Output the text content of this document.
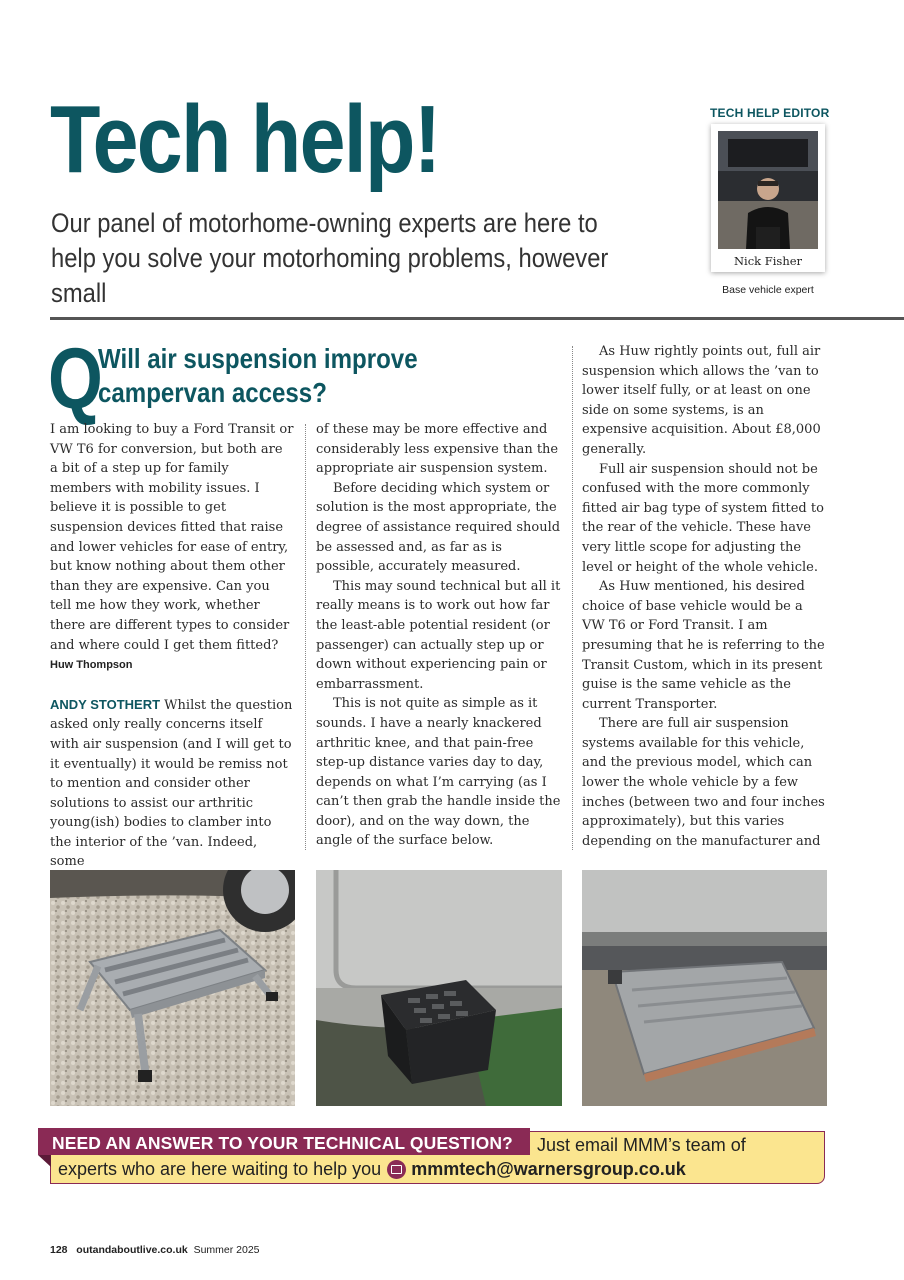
Tech help!
Our panel of motorhome-owning experts are here to help you solve your motorhoming problems, however small
TECH HELP EDITOR
Nick Fisher
Base vehicle expert
Q
Will air suspension improve campervan access?

I am looking to buy a Ford Transit or VW T6 for conversion, but both are a bit of a step up for family members with mobility issues. I believe it is possible to get suspension devices fitted that raise and lower vehicles for ease of entry, but know nothing about them other than they are expensive. Can you tell me how they work, whether there are different types to consider and where could I get them fitted?

Huw Thompson

ANDY STOTHERT Whilst the question asked only really concerns itself with air suspension (and I will get to it eventually) it would be remiss not to mention and consider other solutions to assist our arthritic young(ish) bodies to clamber into the interior of the ’van. Indeed, some

of these may be more effective and considerably less expensive than the appropriate air suspension system.

Before deciding which system or solution is the most appropriate, the degree of assistance required should be assessed and, as far as is possible, accurately measured.

This may sound technical but all it really means is to work out how far the least-able potential resident (or passenger) can actually step up or down without experiencing pain or embarrassment.

This is not quite as simple as it sounds. I have a nearly knackered arthritic knee, and that pain-free step-up distance varies day to day, depends on what I’m carrying (as I can’t then grab the handle inside the door), and on the way down, the angle of the surface below.

As Huw rightly points out, full air suspension which allows the ’van to lower itself fully, or at least on one side on some systems, is an expensive acquisition. About £8,000 generally.

Full air suspension should not be confused with the more commonly fitted air bag type of system fitted to the rear of the vehicle. These have very little scope for adjusting the level or height of the whole vehicle.

As Huw mentioned, his desired choice of base vehicle would be a VW T6 or Ford Transit. I am presuming that he is referring to the Transit Custom, which in its present guise is the same vehicle as the current Transporter.

There are full air suspension systems available for this vehicle, and the previous model, which can lower the whole vehicle by a few inches (between two and four inches approximately), but this varies depending on the manufacturer and

NEED AN ANSWER TO YOUR TECHNICAL QUESTION? Just email MMM’s team of
experts who are here waiting to help you mmmtech@warnersgroup.co.uk
128 outandaboutlive.co.uk Summer 2025
